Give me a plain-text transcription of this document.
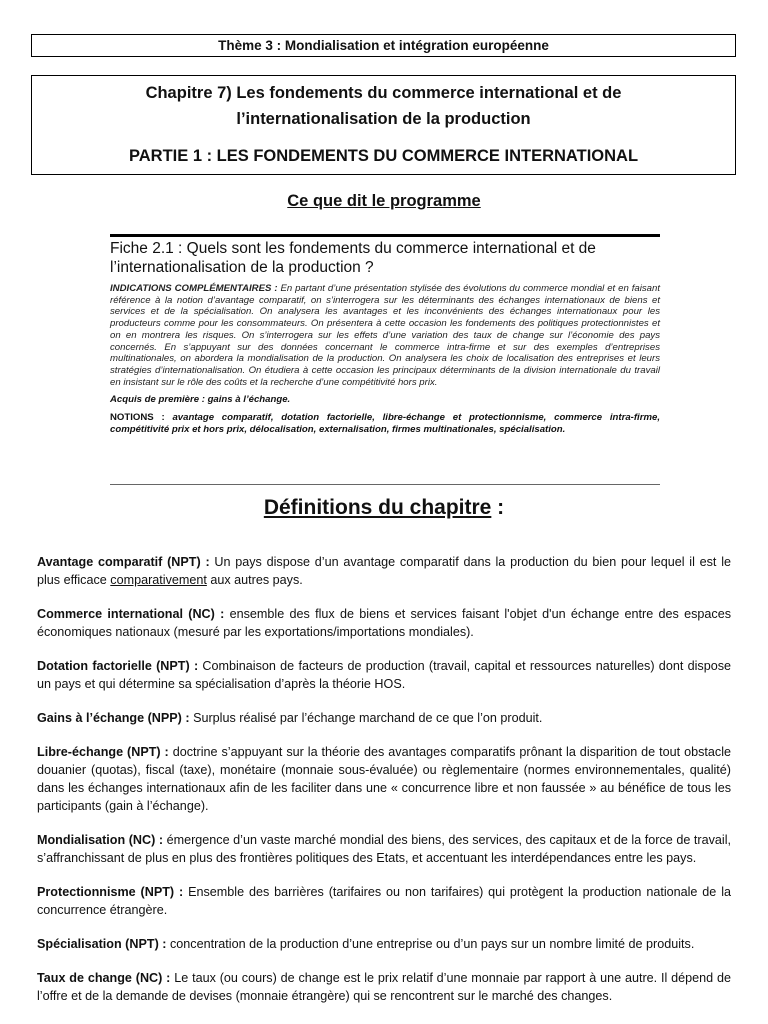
Thème 3 : Mondialisation et intégration européenne
Chapitre 7) Les fondements du commerce international et de l’internationalisation de la production
PARTIE 1 : LES FONDEMENTS DU COMMERCE INTERNATIONAL
Ce que dit le programme
Fiche 2.1 : Quels sont les fondements du commerce international et de l’internationalisation de la production ?
INDICATIONS COMPLÉMENTAIRES : En partant d’une présentation stylisée des évolutions du commerce mondial et en faisant référence à la notion d’avantage comparatif, on s’interrogera sur les déterminants des échanges internationaux de biens et services et de la spécialisation. On analysera les avantages et les inconvénients des échanges internationaux pour les producteurs comme pour les consommateurs. On présentera à cette occasion les fondements des politiques protectionnistes et on en montrera les risques. On s’interrogera sur les effets d’une variation des taux de change sur l’économie des pays concernés. En s’appuyant sur des données concernant le commerce intra-firme et sur des exemples d’entreprises multinationales, on abordera la mondialisation de la production. On analysera les choix de localisation des entreprises et leurs stratégies d’internationalisation. On étudiera à cette occasion les principaux déterminants de la division internationale du travail en insistant sur le rôle des coûts et la recherche d’une compétitivité hors prix.
Acquis de première : gains à l’échange.
NOTIONS : avantage comparatif, dotation factorielle, libre-échange et protectionnisme, commerce intra-firme, compétitivité prix et hors prix, délocalisation, externalisation, firmes multinationales, spécialisation.
Définitions du chapitre :

Avantage comparatif (NPT) : Un pays dispose d’un avantage comparatif dans la production du bien pour lequel il est le plus efficace comparativement aux autres pays.

Commerce international (NC) : ensemble des flux de biens et services faisant l'objet d'un échange entre des espaces économiques nationaux (mesuré par les exportations/importations mondiales).

Dotation factorielle (NPT) : Combinaison de facteurs de production (travail, capital et ressources naturelles) dont dispose un pays et qui détermine sa spécialisation d’après la théorie HOS.

Gains à l’échange (NPP) : Surplus réalisé par l’échange marchand de ce que l’on produit.

Libre-échange (NPT) : doctrine s’appuyant sur la théorie des avantages comparatifs prônant la disparition de tout obstacle douanier (quotas), fiscal (taxe), monétaire (monnaie sous-évaluée) ou règlementaire (normes environnementales, qualité) dans les échanges internationaux afin de les faciliter dans une « concurrence libre et non faussée » au bénéfice de tous les participants (gain à l’échange).

Mondialisation (NC) : émergence d’un vaste marché mondial des biens, des services, des capitaux et de la force de travail, s’affranchissant de plus en plus des frontières politiques des Etats, et accentuant les interdépendances entre les pays.

Protectionnisme (NPT) : Ensemble des barrières (tarifaires ou non tarifaires) qui protègent la production nationale de la concurrence étrangère.

Spécialisation (NPT) : concentration de la production d’une entreprise ou d’un pays sur un nombre limité de produits.

Taux de change (NC) : Le taux (ou cours) de change est le prix relatif d’une monnaie par rapport à une autre. Il dépend de l’offre et de la demande de devises (monnaie étrangère) qui se rencontrent sur le marché des changes.
